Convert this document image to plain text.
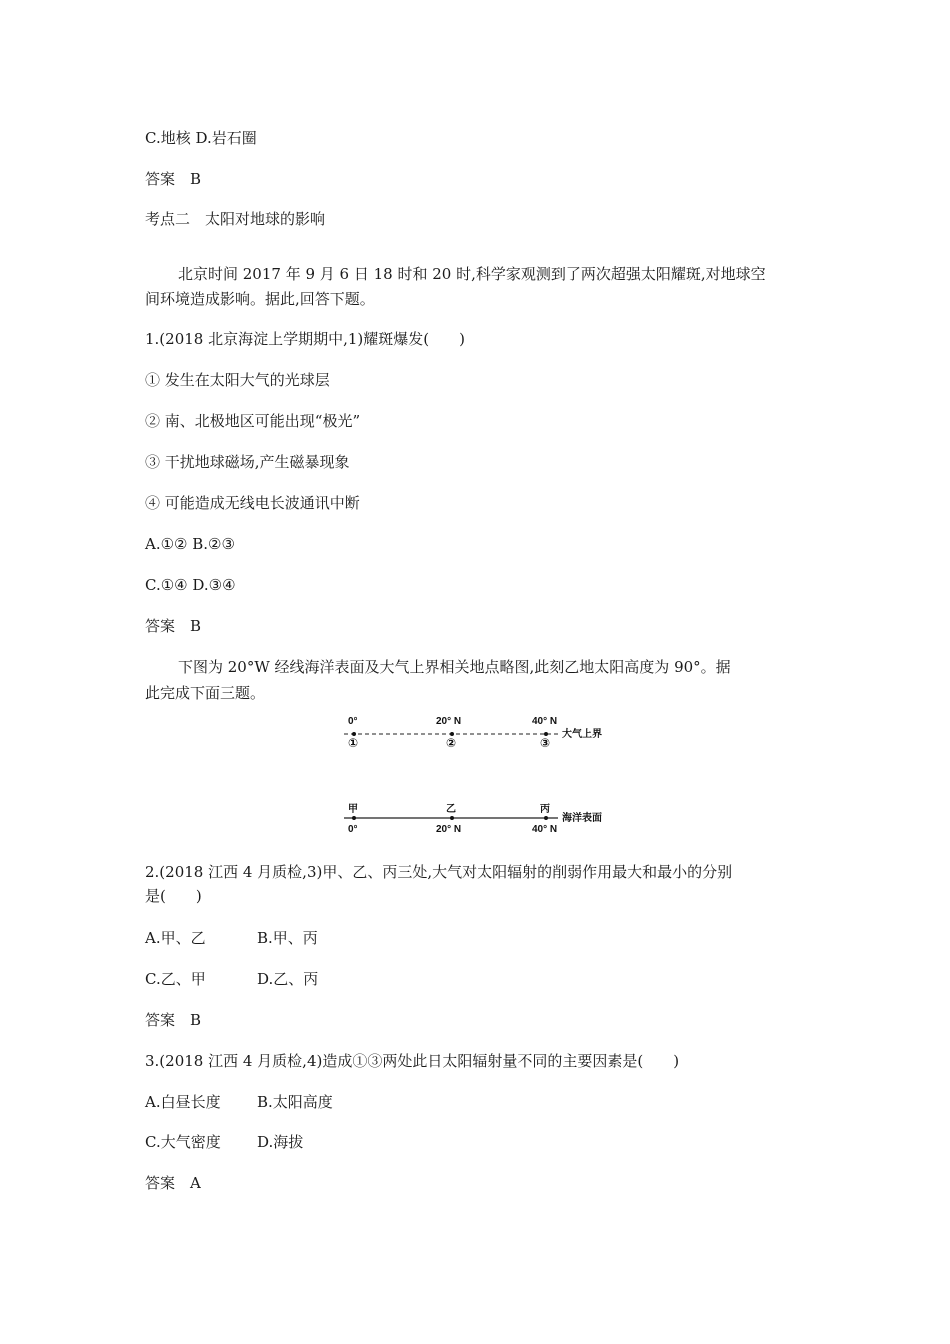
C.地核 D.岩石圈
答案　B
考点二　太阳对地球的影响
北京时间 2017 年 9 月 6 日 18 时和 20 时,科学家观测到了两次超强太阳耀斑,对地球空
间环境造成影响。据此,回答下题。
1.(2018 北京海淀上学期期中,1)耀斑爆发(　　)
① 发生在太阳大气的光球层
② 南、北极地区可能出现“极光”
③ 干扰地球磁场,产生磁暴现象
④ 可能造成无线电长波通讯中断
A.①② B.②③
C.①④ D.③④
答案　B
下图为 20°W 经线海洋表面及大气上界相关地点略图,此刻乙地太阳高度为 90°。据
此完成下面三题。
0°	20° N	40° N
①	②	③
大气上界
甲	乙	丙
0°	20° N	40° N
海洋表面
2.(2018 江西 4 月质检,3)甲、乙、丙三处,大气对太阳辐射的削弱作用最大和最小的分别
是(　　)
A.甲、乙	B.甲、丙
C.乙、甲	D.乙、丙
答案　B
3.(2018 江西 4 月质检,4)造成①③两处此日太阳辐射量不同的主要因素是(　　)
A.白昼长度 B.太阳高度
C.大气密度 D.海拔
答案　A
